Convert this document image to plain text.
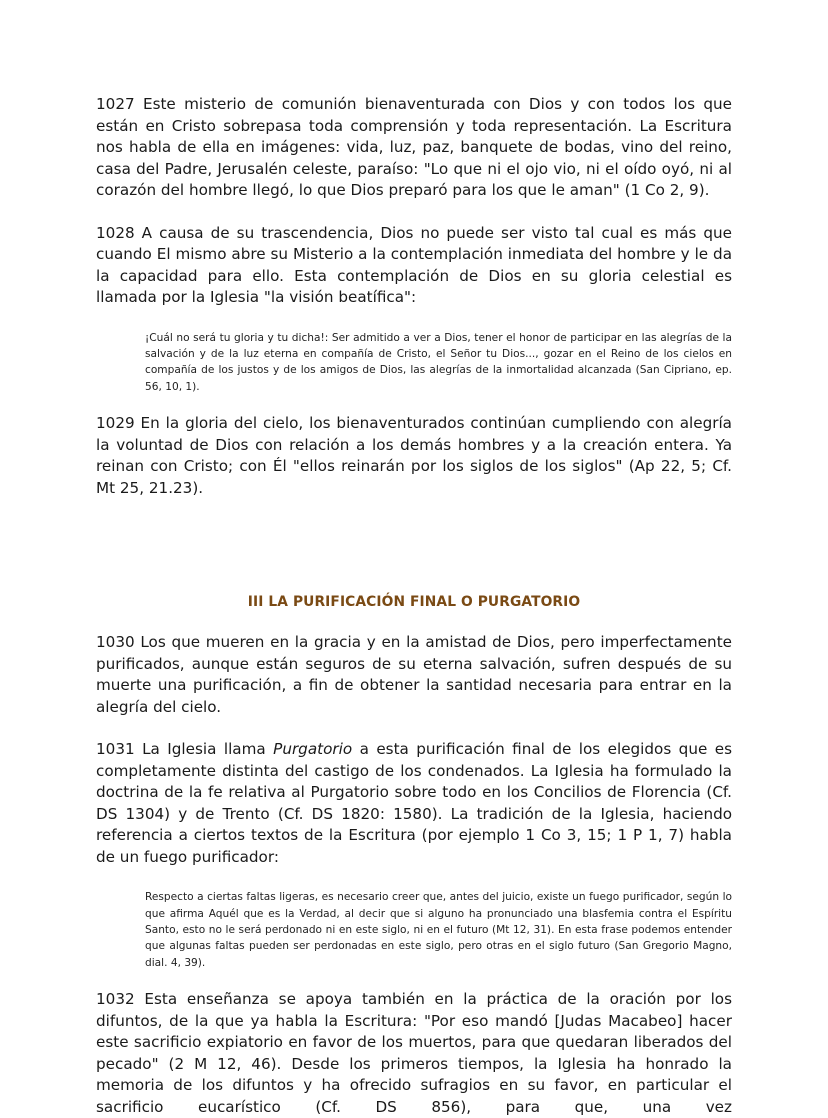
1027 Este misterio de comunión bienaventurada con Dios y con todos los que están en Cristo sobrepasa toda comprensión y toda representación. La Escritura nos habla de ella en imágenes: vida, luz, paz, banquete de bodas, vino del reino, casa del Padre, Jerusalén celeste, paraíso: "Lo que ni el ojo vio, ni el oído oyó, ni al corazón del hombre llegó, lo que Dios preparó para los que le aman" (1 Co 2, 9).

1028 A causa de su trascendencia, Dios no puede ser visto tal cual es más que cuando El mismo abre su Misterio a la contemplación inmediata del hombre y le da la capacidad para ello. Esta contemplación de Dios en su gloria celestial es llamada por la Iglesia "la visión beatífica":

¡Cuál no será tu gloria y tu dicha!: Ser admitido a ver a Dios, tener el honor de participar en las alegrías de la salvación y de la luz eterna en compañía de Cristo, el Señor tu Dios..., gozar en el Reino de los cielos en compañía de los justos y de los amigos de Dios, las alegrías de la inmortalidad alcanzada (San Cipriano, ep. 56, 10, 1).

1029 En la gloria del cielo, los bienaventurados continúan cumpliendo con alegría la voluntad de Dios con relación a los demás hombres y a la creación entera. Ya reinan con Cristo; con Él "ellos reinarán por los siglos de los siglos" (Ap 22, 5; Cf. Mt 25, 21.23).

III LA PURIFICACIÓN FINAL O PURGATORIO

1030 Los que mueren en la gracia y en la amistad de Dios, pero imperfectamente purificados, aunque están seguros de su eterna salvación, sufren después de su muerte una purificación, a fin de obtener la santidad necesaria para entrar en la alegría del cielo.

1031 La Iglesia llama Purgatorio a esta purificación final de los elegidos que es completamente distinta del castigo de los condenados. La Iglesia ha formulado la doctrina de la fe relativa al Purgatorio sobre todo en los Concilios de Florencia (Cf. DS 1304) y de Trento (Cf. DS 1820: 1580). La tradición de la Iglesia, haciendo referencia a ciertos textos de la Escritura (por ejemplo 1 Co 3, 15; 1 P 1, 7) habla de un fuego purificador:

Respecto a ciertas faltas ligeras, es necesario creer que, antes del juicio, existe un fuego purificador, según lo que afirma Aquél que es la Verdad, al decir que si alguno ha pronunciado una blasfemia contra el Espíritu Santo, esto no le será perdonado ni en este siglo, ni en el futuro (Mt 12, 31). En esta frase podemos entender que algunas faltas pueden ser perdonadas en este siglo, pero otras en el siglo futuro (San Gregorio Magno, dial. 4, 39).

1032 Esta enseñanza se apoya también en la práctica de la oración por los difuntos, de la que ya habla la Escritura: "Por eso mandó [Judas Macabeo] hacer este sacrificio expiatorio en favor de los muertos, para que quedaran liberados del pecado" (2 M 12, 46). Desde los primeros tiempos, la Iglesia ha honrado la memoria de los difuntos y ha ofrecido sufragios en su favor, en particular el sacrificio eucarístico (Cf. DS 856), para que, una vez
